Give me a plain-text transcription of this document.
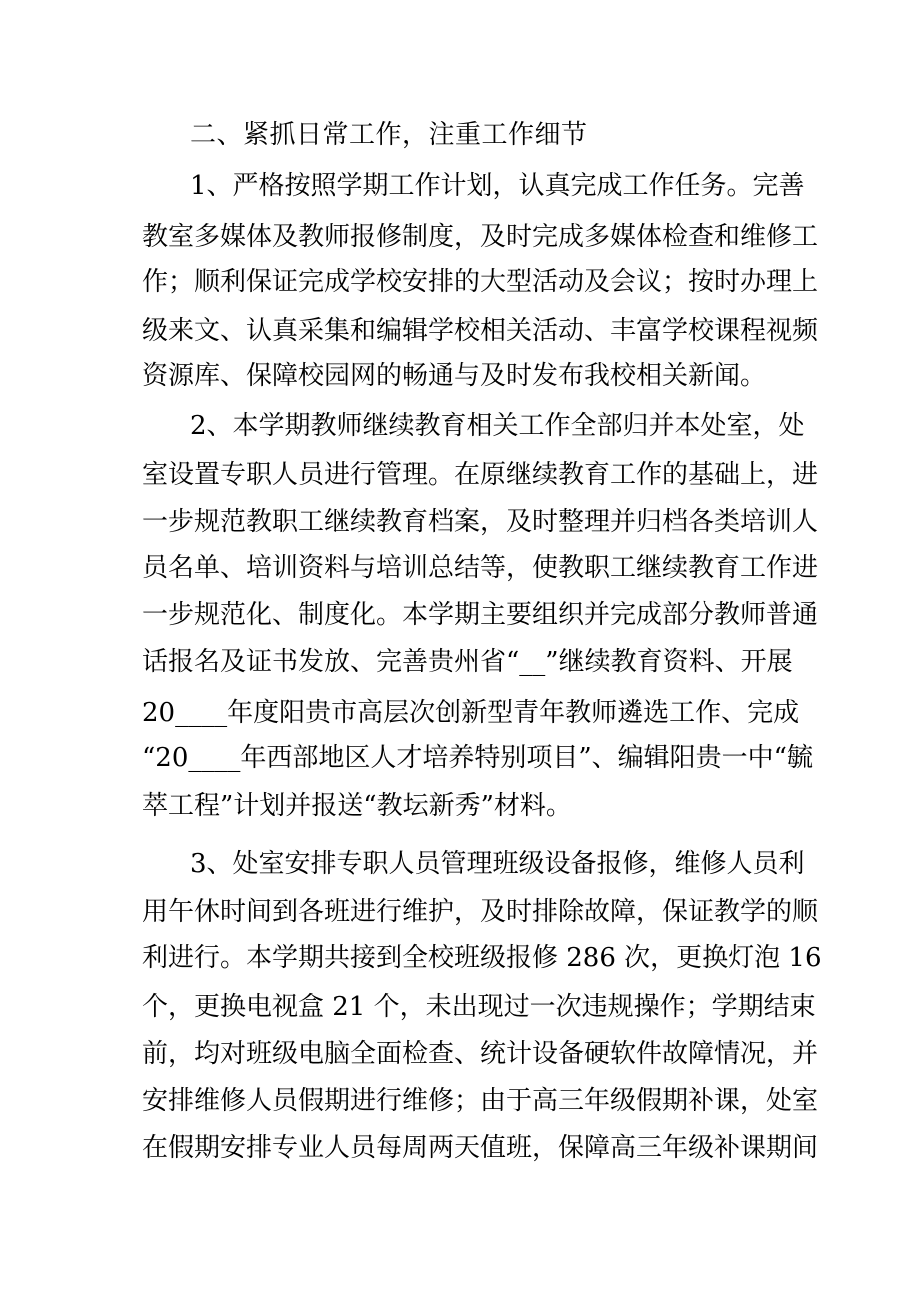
二、紧抓日常工作，注重工作细节
1、严格按照学期工作计划，认真完成工作任务。完善
教室多媒体及教师报修制度，及时完成多媒体检查和维修工
作；顺利保证完成学校安排的大型活动及会议；按时办理上
级来文、认真采集和编辑学校相关活动、丰富学校课程视频
资源库、保障校园网的畅通与及时发布我校相关新闻。
2、本学期教师继续教育相关工作全部归并本处室，处
室设置专职人员进行管理。在原继续教育工作的基础上，进
一步规范教职工继续教育档案，及时整理并归档各类培训人
员名单、培训资料与培训总结等，使教职工继续教育工作进
一步规范化、制度化。本学期主要组织并完成部分教师普通
话报名及证书发放、完善贵州省“__”继续教育资料、开展
20____年度阳贵市高层次创新型青年教师遴选工作、完成
“20____年西部地区人才培养特别项目”、编辑阳贵一中“毓
萃工程”计划并报送“教坛新秀”材料。
3、处室安排专职人员管理班级设备报修，维修人员利
用午休时间到各班进行维护，及时排除故障，保证教学的顺
利进行。本学期共接到全校班级报修 286 次，更换灯泡 16
个，更换电视盒 21 个，未出现过一次违规操作；学期结束
前，均对班级电脑全面检查、统计设备硬软件故障情况，并
安排维修人员假期进行维修；由于高三年级假期补课，处室
在假期安排专业人员每周两天值班，保障高三年级补课期间
